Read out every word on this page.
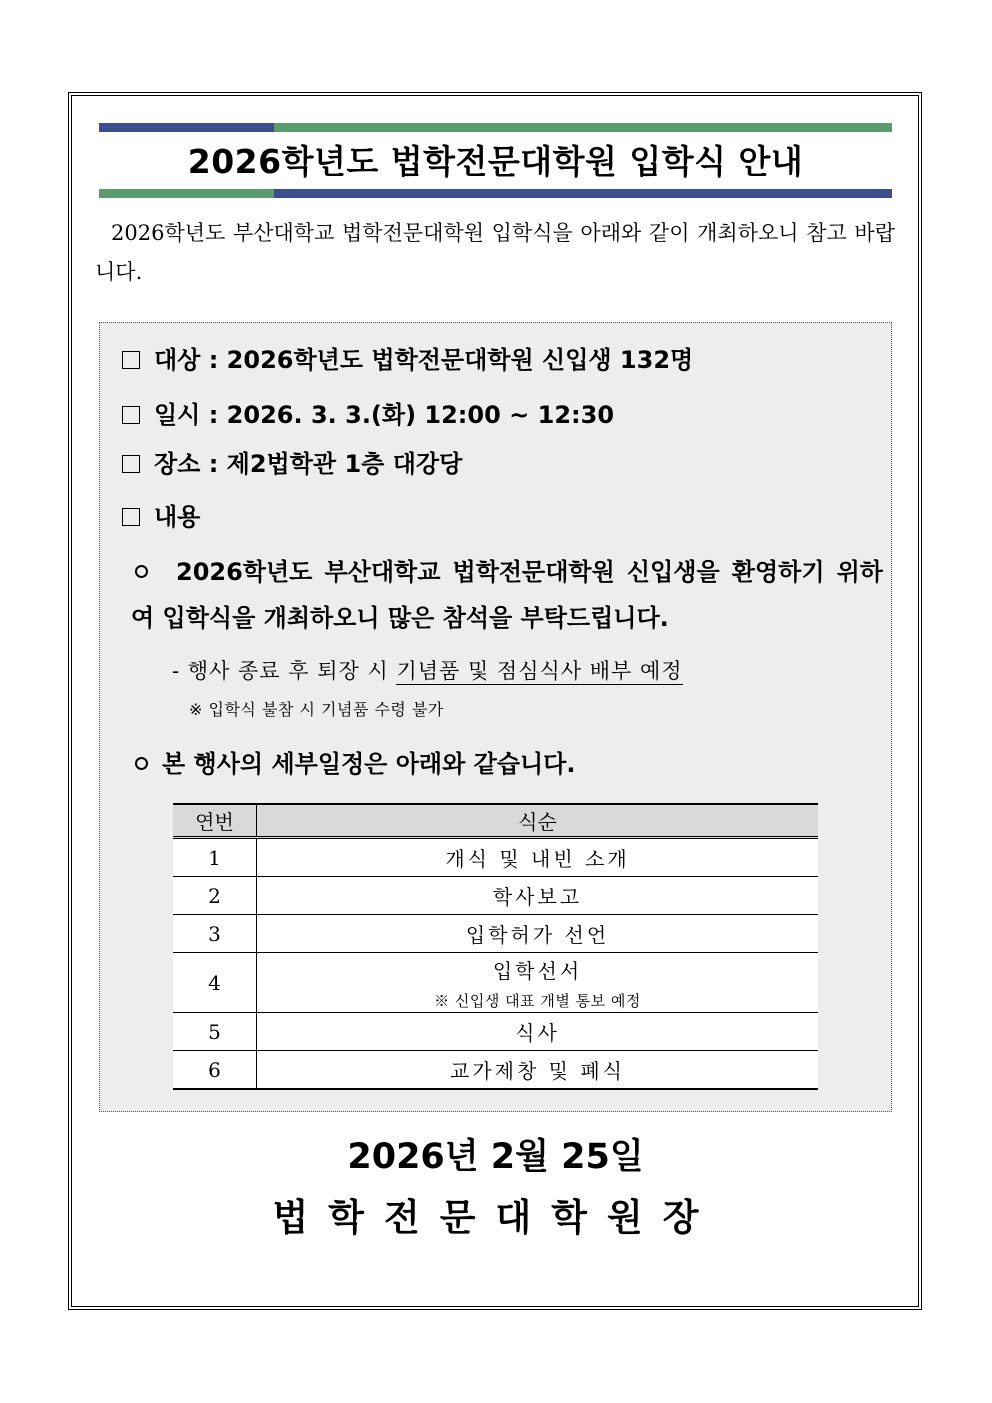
2026학년도 법학전문대학원 입학식 안내
2026학년도 부산대학교 법학전문대학원 입학식을 아래와 같이 개최하오니 참고 바랍니다.
대상 : 2026학년도 법학전문대학원 신입생 132명
일시 : 2026. 3. 3.(화) 12:00 ~ 12:30
장소 : 제2법학관 1층 대강당
내용
2026학년도 부산대학교 법학전문대학원 신입생을 환영하기 위하여 입학식을 개최하오니 많은 참석을 부탁드립니다.
- 행사 종료 후 퇴장 시 기념품 및 점심식사 배부 예정
※ 입학식 불참 시 기념품 수령 불가
본 행사의 세부일정은 아래와 같습니다.
연번	식순
1	개식 및 내빈 소개
2	학사보고
3	입학허가 선언
4	입학선서
※ 신입생 대표 개별 통보 예정

5	식사
6	교가제창 및 폐식
2026년 2월 25일
법학전문대학원장
